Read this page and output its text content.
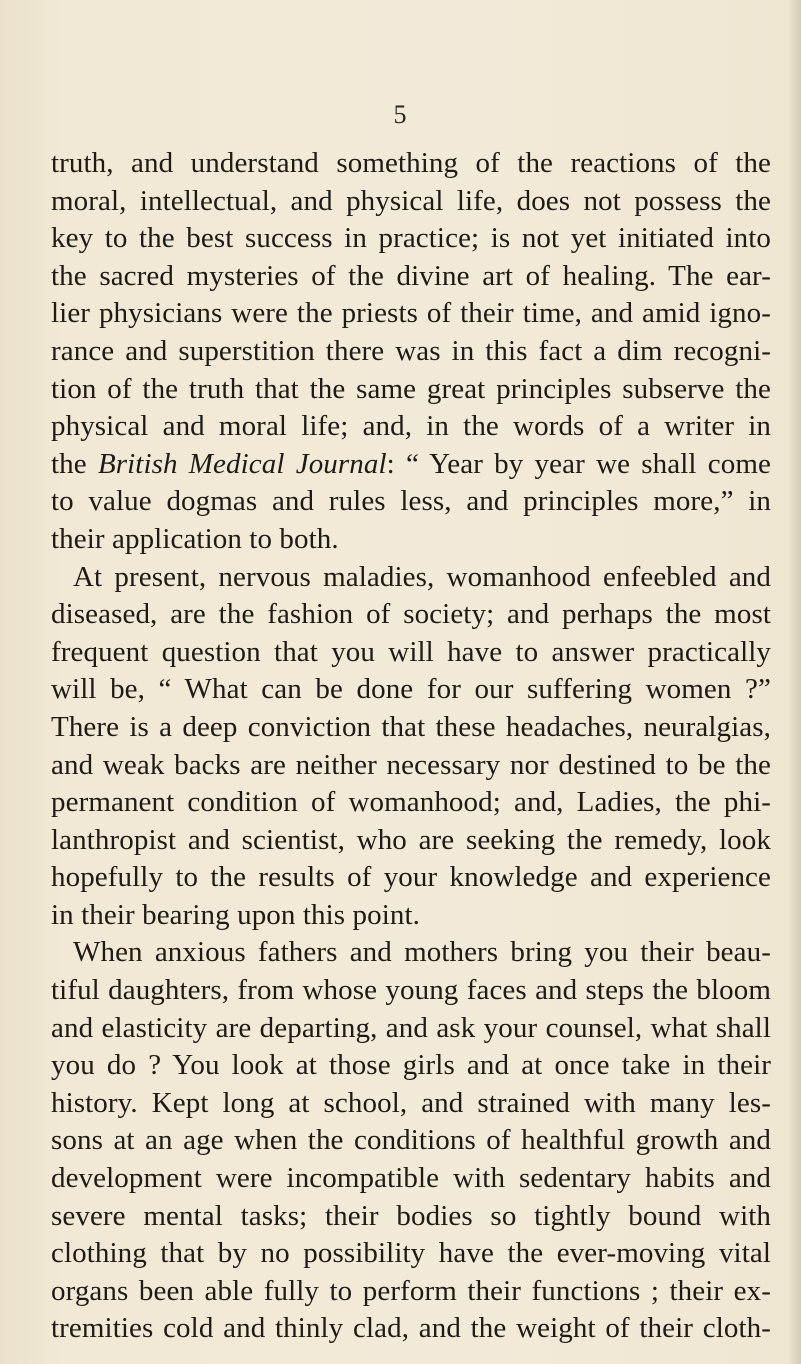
5
truth, and understand something of the reactions of the
moral, intellectual, and physical life, does not possess the
key to the best success in practice; is not yet initiated into
the sacred mysteries of the divine art of healing. The ear-
lier physicians were the priests of their time, and amid igno-
rance and superstition there was in this fact a dim recogni-
tion of the truth that the same great principles subserve the
physical and moral life; and, in the words of a writer in
the British Medical Journal: “ Year by year we shall come
to value dogmas and rules less, and principles more,” in
their application to both.
At present, nervous maladies, womanhood enfeebled and
diseased, are the fashion of society; and perhaps the most
frequent question that you will have to answer practically
will be, “ What can be done for our suffering women ?”
There is a deep conviction that these headaches, neuralgias,
and weak backs are neither necessary nor destined to be the
permanent condition of womanhood; and, Ladies, the phi-
lanthropist and scientist, who are seeking the remedy, look
hopefully to the results of your knowledge and experience
in their bearing upon this point.
When anxious fathers and mothers bring you their beau-
tiful daughters, from whose young faces and steps the bloom
and elasticity are departing, and ask your counsel, what shall
you do ? You look at those girls and at once take in their
history. Kept long at school, and strained with many les-
sons at an age when the conditions of healthful growth and
development were incompatible with sedentary habits and
severe mental tasks; their bodies so tightly bound with
clothing that by no possibility have the ever-moving vital
organs been able fully to perform their functions ; their ex-
tremities cold and thinly clad, and the weight of their cloth-
